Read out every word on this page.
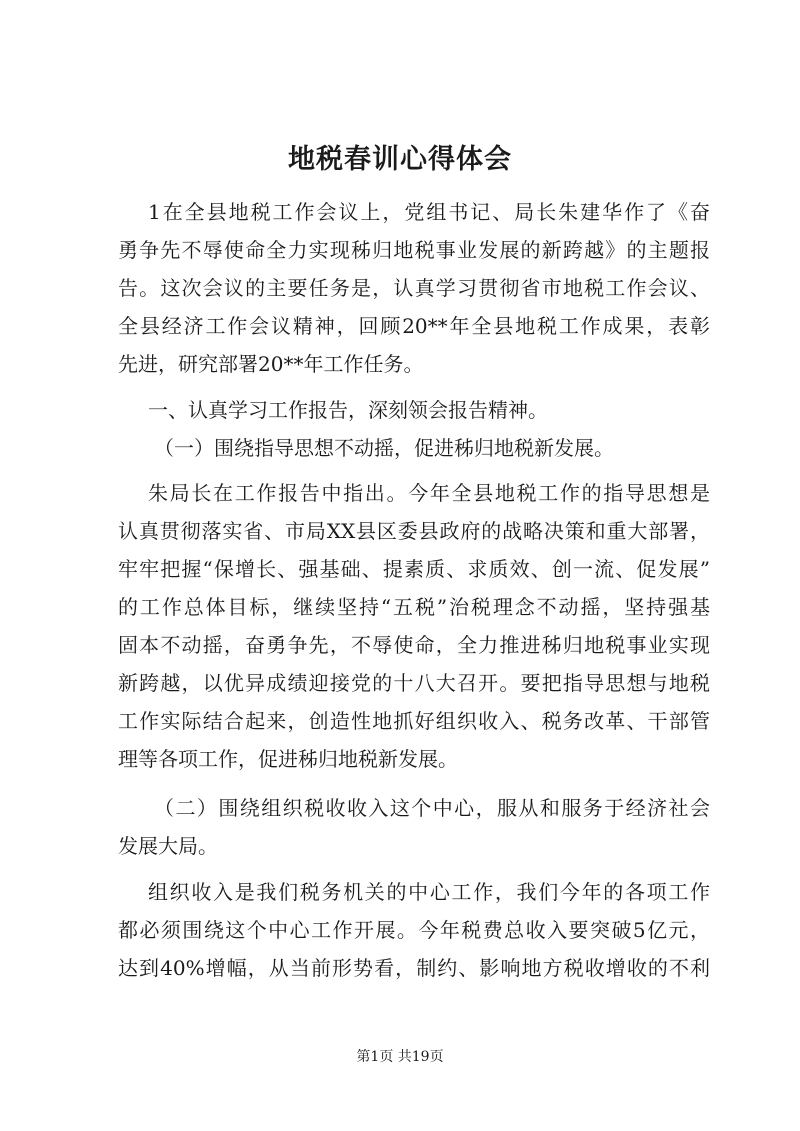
地税春训心得体会
1在全县地税工作会议上，党组书记、局长朱建华作了《奋
勇争先不辱使命全力实现秭归地税事业发展的新跨越》的主题报
告。这次会议的主要任务是，认真学习贯彻省市地税工作会议、
全县经济工作会议精神，回顾20**年全县地税工作成果，表彰
先进，研究部署20**年工作任务。
一、认真学习工作报告，深刻领会报告精神。
（一）围绕指导思想不动摇，促进秭归地税新发展。
朱局长在工作报告中指出。今年全县地税工作的指导思想是
认真贯彻落实省、市局XX县区委县政府的战略决策和重大部署，
牢牢把握“保增长、强基础、提素质、求质效、创一流、促发展”
的工作总体目标，继续坚持“五税”治税理念不动摇，坚持强基
固本不动摇，奋勇争先，不辱使命，全力推进秭归地税事业实现
新跨越，以优异成绩迎接党的十八大召开。要把指导思想与地税
工作实际结合起来，创造性地抓好组织收入、税务改革、干部管
理等各项工作，促进秭归地税新发展。
（二）围绕组织税收收入这个中心，服从和服务于经济社会
发展大局。
组织收入是我们税务机关的中心工作，我们今年的各项工作
都必须围绕这个中心工作开展。今年税费总收入要突破5亿元，
达到40%增幅，从当前形势看，制约、影响地方税收增收的不利
第1页 共19页
